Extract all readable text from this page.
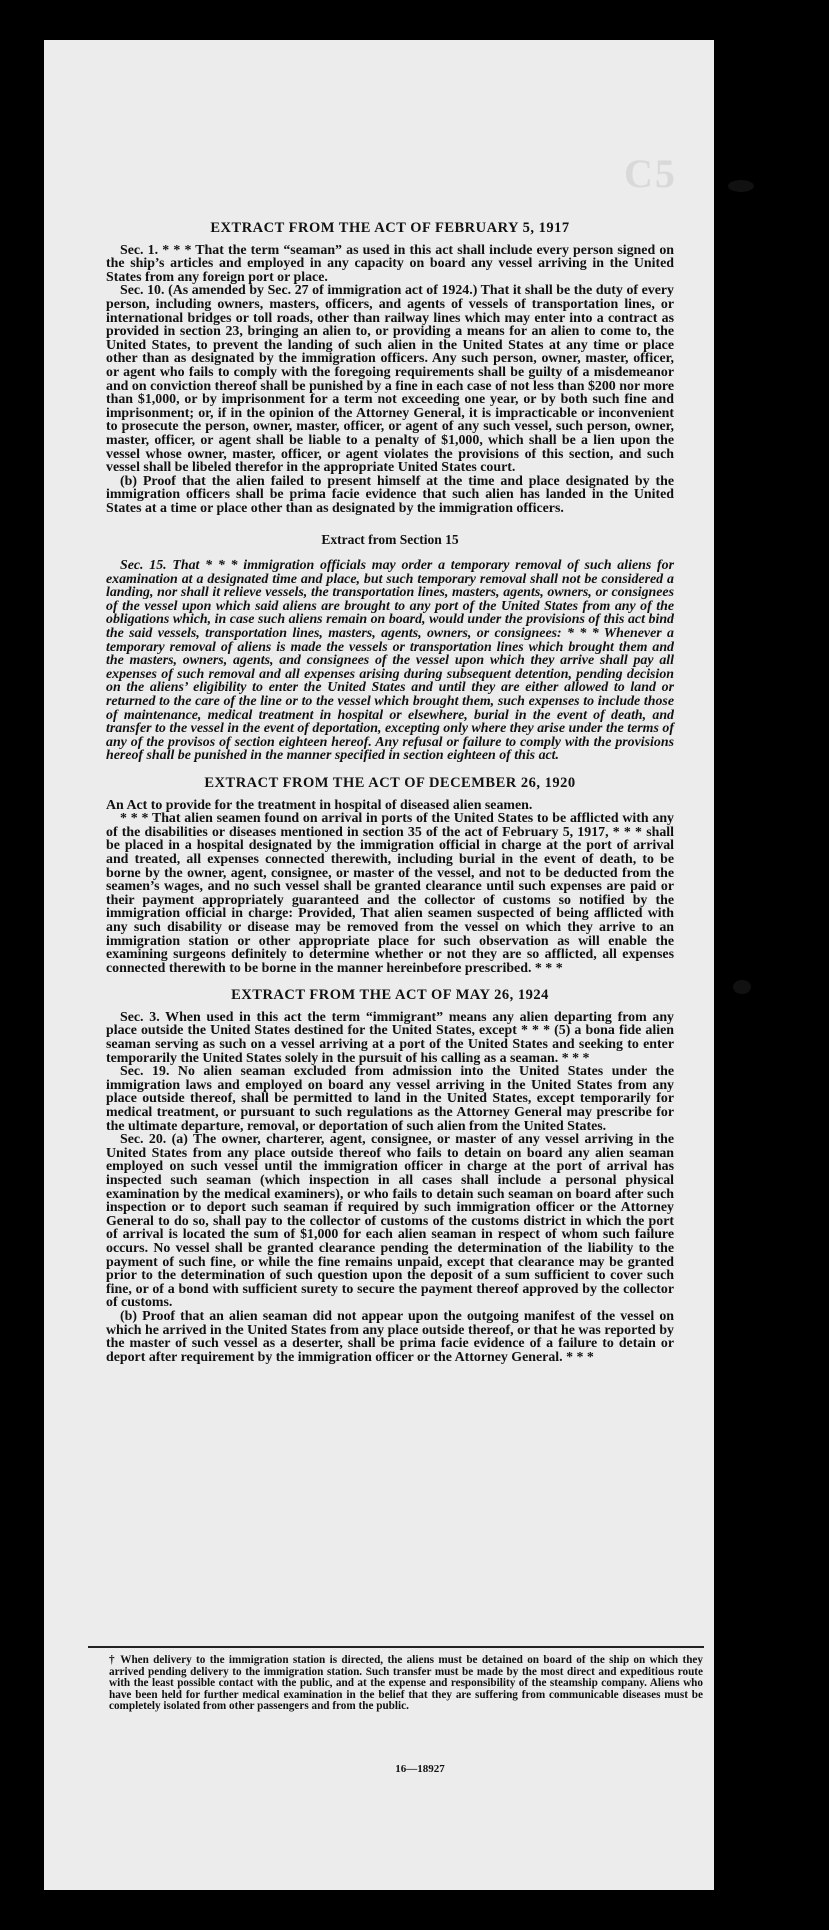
C5
EXTRACT FROM THE ACT OF FEBRUARY 5, 1917

Sec. 1. * * * That the term “seaman” as used in this act shall include every person signed on the ship’s articles and employed in any capacity on board any vessel arriving in the United States from any foreign port or place.

Sec. 10. (As amended by Sec. 27 of immigration act of 1924.) That it shall be the duty of every person, including owners, masters, officers, and agents of vessels of transportation lines, or international bridges or toll roads, other than railway lines which may enter into a contract as provided in section 23, bringing an alien to, or providing a means for an alien to come to, the United States, to prevent the landing of such alien in the United States at any time or place other than as designated by the immigration officers. Any such person, owner, master, officer, or agent who fails to comply with the foregoing requirements shall be guilty of a misdemeanor and on conviction thereof shall be punished by a fine in each case of not less than $200 nor more than $1,000, or by imprisonment for a term not exceeding one year, or by both such fine and imprisonment; or, if in the opinion of the Attorney General, it is impracticable or inconvenient to prosecute the person, owner, master, officer, or agent of any such vessel, such person, owner, master, officer, or agent shall be liable to a penalty of $1,000, which shall be a lien upon the vessel whose owner, master, officer, or agent violates the provisions of this section, and such vessel shall be libeled therefor in the appropriate United States court.

(b) Proof that the alien failed to present himself at the time and place designated by the immigration officers shall be prima facie evidence that such alien has landed in the United States at a time or place other than as designated by the immigration officers.

Extract from Section 15

Sec. 15. That * * * immigration officials may order a temporary removal of such aliens for examination at a designated time and place, but such temporary removal shall not be considered a landing, nor shall it relieve vessels, the transportation lines, masters, agents, owners, or consignees of the vessel upon which said aliens are brought to any port of the United States from any of the obligations which, in case such aliens remain on board, would under the provisions of this act bind the said vessels, transportation lines, masters, agents, owners, or consignees: * * * Whenever a temporary removal of aliens is made the vessels or transportation lines which brought them and the masters, owners, agents, and consignees of the vessel upon which they arrive shall pay all expenses of such removal and all expenses arising during subsequent detention, pending decision on the aliens’ eligibility to enter the United States and until they are either allowed to land or returned to the care of the line or to the vessel which brought them, such expenses to include those of maintenance, medical treatment in hospital or elsewhere, burial in the event of death, and transfer to the vessel in the event of deportation, excepting only where they arise under the terms of any of the provisos of section eighteen hereof. Any refusal or failure to comply with the provisions hereof shall be punished in the manner specified in section eighteen of this act.

EXTRACT FROM THE ACT OF DECEMBER 26, 1920

An Act to provide for the treatment in hospital of diseased alien seamen.

* * * That alien seamen found on arrival in ports of the United States to be afflicted with any of the disabilities or diseases mentioned in section 35 of the act of February 5, 1917, * * * shall be placed in a hospital designated by the immigration official in charge at the port of arrival and treated, all expenses connected therewith, including burial in the event of death, to be borne by the owner, agent, consignee, or master of the vessel, and not to be deducted from the seamen’s wages, and no such vessel shall be granted clearance until such expenses are paid or their payment appropriately guaranteed and the collector of customs so notified by the immigration official in charge: Provided, That alien seamen suspected of being afflicted with any such disability or disease may be removed from the vessel on which they arrive to an immigration station or other appropriate place for such observation as will enable the examining surgeons definitely to determine whether or not they are so afflicted, all expenses connected therewith to be borne in the manner hereinbefore prescribed. * * *

EXTRACT FROM THE ACT OF MAY 26, 1924

Sec. 3. When used in this act the term “immigrant” means any alien departing from any place outside the United States destined for the United States, except * * * (5) a bona fide alien seaman serving as such on a vessel arriving at a port of the United States and seeking to enter temporarily the United States solely in the pursuit of his calling as a seaman. * * *

Sec. 19. No alien seaman excluded from admission into the United States under the immigration laws and employed on board any vessel arriving in the United States from any place outside thereof, shall be permitted to land in the United States, except temporarily for medical treatment, or pursuant to such regulations as the Attorney General may prescribe for the ultimate departure, removal, or deportation of such alien from the United States.

Sec. 20. (a) The owner, charterer, agent, consignee, or master of any vessel arriving in the United States from any place outside thereof who fails to detain on board any alien seaman employed on such vessel until the immigration officer in charge at the port of arrival has inspected such seaman (which inspection in all cases shall include a personal physical examination by the medical examiners), or who fails to detain such seaman on board after such inspection or to deport such seaman if required by such immigration officer or the Attorney General to do so, shall pay to the collector of customs of the customs district in which the port of arrival is located the sum of $1,000 for each alien seaman in respect of whom such failure occurs. No vessel shall be granted clearance pending the determination of the liability to the payment of such fine, or while the fine remains unpaid, except that clearance may be granted prior to the determination of such question upon the deposit of a sum sufficient to cover such fine, or of a bond with sufficient surety to secure the payment thereof approved by the collector of customs.

(b) Proof that an alien seaman did not appear upon the outgoing manifest of the vessel on which he arrived in the United States from any place outside thereof, or that he was reported by the master of such vessel as a deserter, shall be prima facie evidence of a failure to detain or deport after requirement by the immigration officer or the Attorney General. * * *

† When delivery to the immigration station is directed, the aliens must be detained on board of the ship on which they arrived pending delivery to the immigration station. Such transfer must be made by the most direct and expeditious route with the least possible contact with the public, and at the expense and responsibility of the steamship company. Aliens who have been held for further medical examination in the belief that they are suffering from communicable diseases must be completely isolated from other passengers and from the public.
16—18927
